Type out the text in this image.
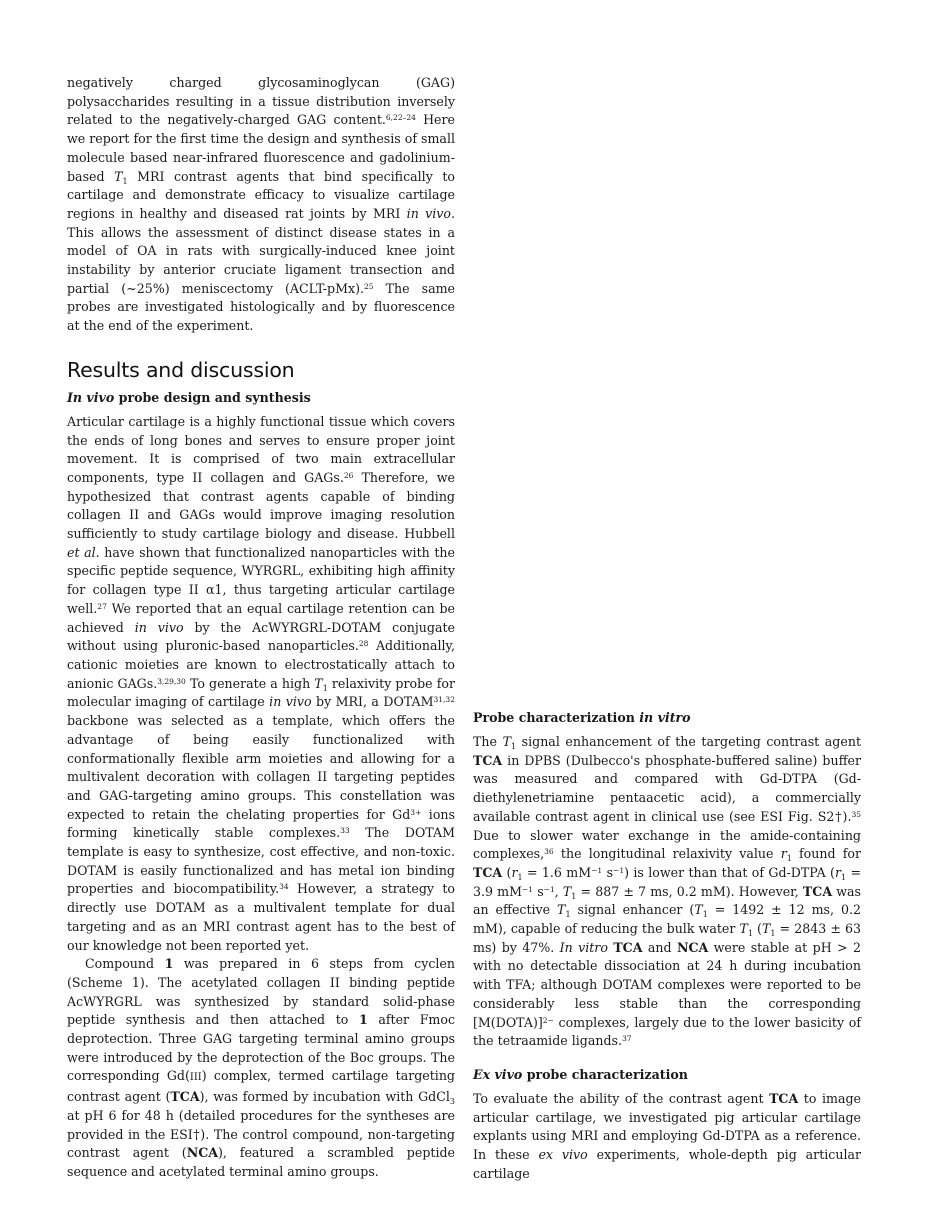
negatively charged glycosaminoglycan (GAG) polysaccharides resulting in a tissue distribution inversely related to the negatively-charged GAG content.$^{6,22-24}$ Here we report for the first time the design and synthesis of small molecule based near-infrared fluorescence and gadolinium-based $T_1$ MRI contrast agents that bind specifically to cartilage and demonstrate efficacy to visualize cartilage regions in healthy and diseased rat joints by MRI in vivo. This allows the assessment of distinct disease states in a model of OA in rats with surgically-induced knee joint instability by anterior cruciate ligament transection and partial (~25%) meniscectomy (ACLT-pMx).$^{25}$ The same probes are investigated histologically and by fluorescence at the end of the experiment.

Results and discussion
In vivo probe design and synthesis

Articular cartilage is a highly functional tissue which covers the ends of long bones and serves to ensure proper joint movement. It is comprised of two main extracellular components, type II collagen and GAGs.$^{26}$ Therefore, we hypothesized that contrast agents capable of binding collagen II and GAGs would improve imaging resolution sufficiently to study cartilage biology and disease. Hubbell et al. have shown that functionalized nanoparticles with the specific peptide sequence, WYRGRL, exhibiting high affinity for collagen type II α1, thus targeting articular cartilage well.$^{27}$ We reported that an equal cartilage retention can be achieved in vivo by the AcWYRGRL-DOTAM conjugate without using pluronic-based nanoparticles.$^{28}$ Additionally, cationic moieties are known to electrostatically attach to anionic GAGs.$^{3,29,30}$ To generate a high $T_1$ relaxivity probe for molecular imaging of cartilage in vivo by MRI, a DOTAM$^{31,32}$ backbone was selected as a template, which offers the advantage of being easily functionalized with conformationally flexible arm moieties and allowing for a multivalent decoration with collagen II targeting peptides and GAG-targeting amino groups. This constellation was expected to retain the chelating properties for $Gd^{3+}$ ions forming kinetically stable complexes.$^{33}$ The DOTAM template is easy to synthesize, cost effective, and non-toxic. DOTAM is easily functionalized and has metal ion binding properties and biocompatibility.$^{34}$ However, a strategy to directly use DOTAM as a multivalent template for dual targeting and as an MRI contrast agent has to the best of our knowledge not been reported yet.

Compound 1 was prepared in 6 steps from cyclen (Scheme 1). The acetylated collagen II binding peptide AcWYRGRL was synthesized by standard solid-phase peptide synthesis and then attached to 1 after Fmoc deprotection. Three GAG targeting terminal amino groups were introduced by the deprotection of the Boc groups. The corresponding Gd(III) complex, termed cartilage targeting contrast agent (TCA), was formed by incubation with GdCl$_3$ at pH 6 for 48 h (detailed procedures for the syntheses are provided in the ESI†). The control compound, non-targeting contrast agent (NCA), featured a scrambled peptide sequence and acetylated terminal amino groups.

Probe characterization in vitro

The $T_1$ signal enhancement of the targeting contrast agent TCA in DPBS (Dulbecco's phosphate-buffered saline) buffer was measured and compared with Gd-DTPA (Gd-diethylenetriamine pentaacetic acid), a commercially available contrast agent in clinical use (see ESI Fig. S2†).$^{35}$ Due to slower water exchange in the amide-containing complexes,$^{36}$ the longitudinal relaxivity value $r_1$ found for TCA ($r_1 = 1.6$ $mM^{-1}$ $s^{-1}$) is lower than that of Gd-DTPA ($r_1 = 3.9$ $mM^{-1}$ $s^{-1}$, $T_1 = 887 \pm 7$ ms, 0.2 mM). However, TCA was an effective $T_1$ signal enhancer ($T_1 = 1492 \pm 12$ ms, 0.2 mM), capable of reducing the bulk water $T_1$ ($T_1 = 2843 \pm 63$ ms) by 47%. In vitro TCA and NCA were stable at pH > 2 with no detectable dissociation at 24 h during incubation with TFA; although DOTAM complexes were reported to be considerably less stable than the corresponding [M(DOTA)]$^{2-}$ complexes, largely due to the lower basicity of the tetraamide ligands.$^{37}$

Ex vivo probe characterization

To evaluate the ability of the contrast agent TCA to image articular cartilage, we investigated pig articular cartilage explants using MRI and employing Gd-DTPA as a reference. In these ex vivo experiments, whole-depth pig articular cartilage
